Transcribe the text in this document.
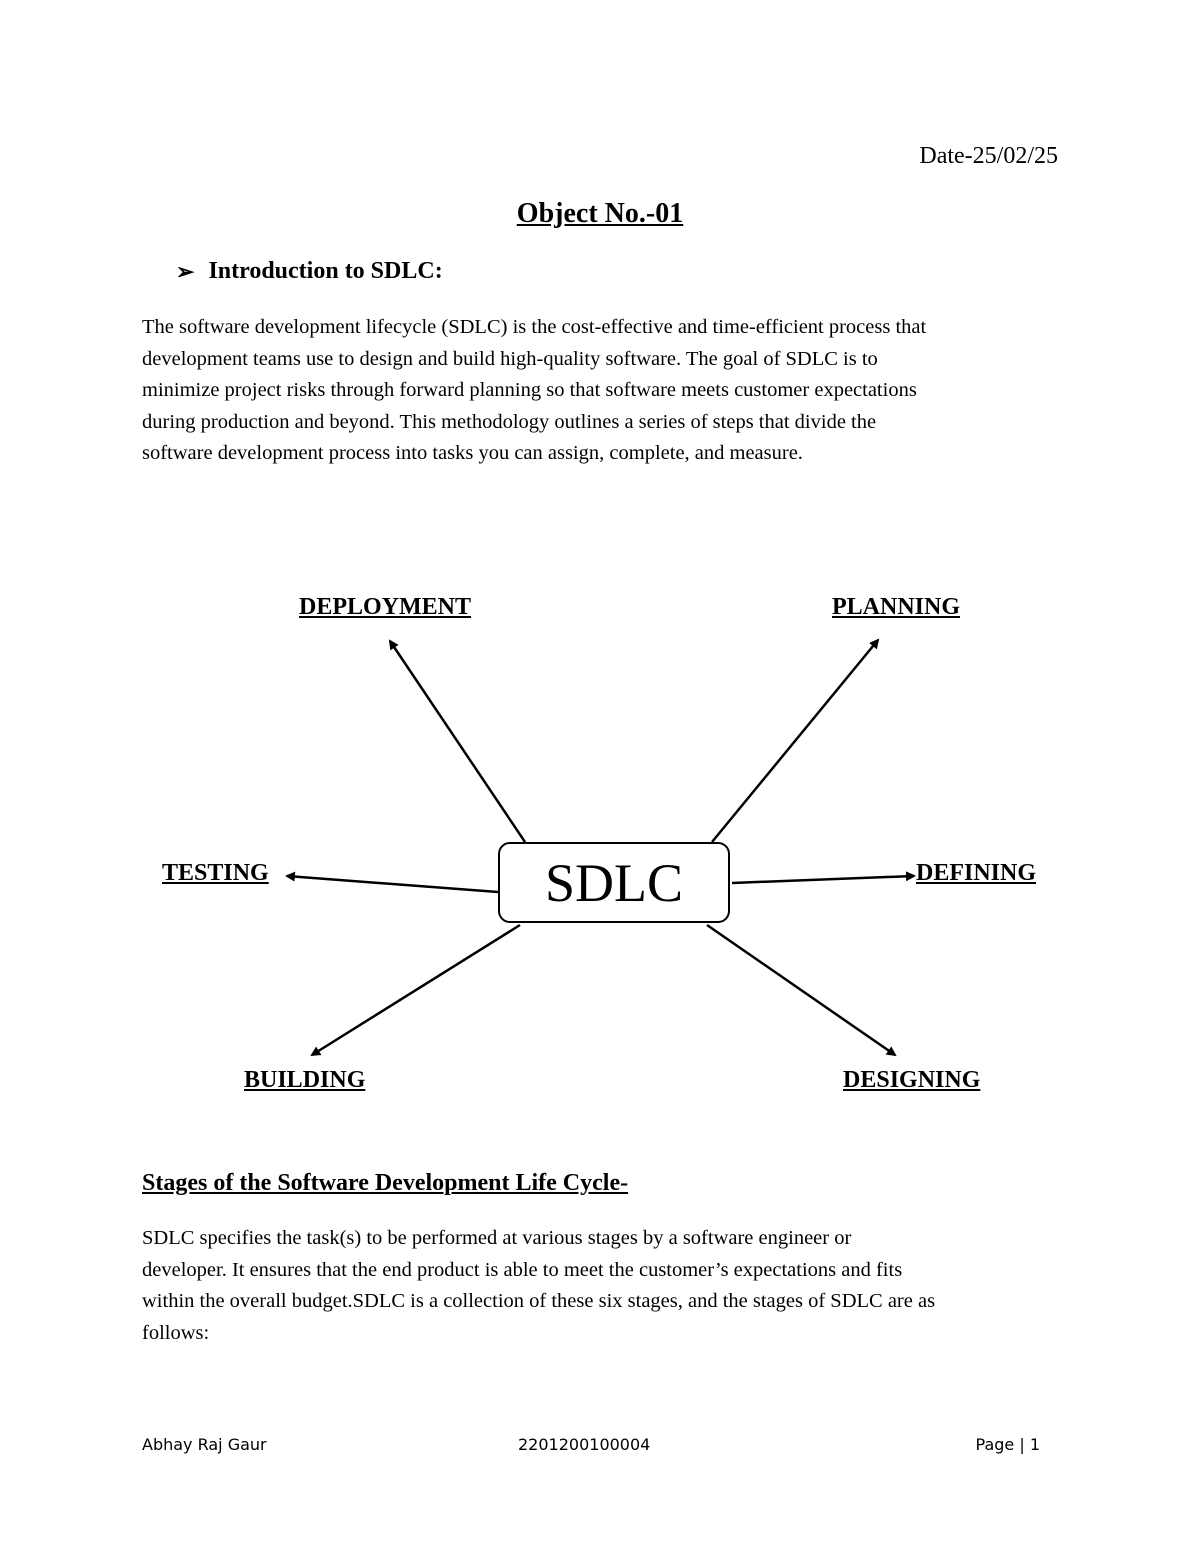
Date-25/02/25
Object No.-01
➢ Introduction to SDLC:
The software development lifecycle (SDLC) is the cost-effective and time-efficient process that
development teams use to design and build high-quality software. The goal of SDLC is to
minimize project risks through forward planning so that software meets customer expectations
during production and beyond. This methodology outlines a series of steps that divide the
software development process into tasks you can assign, complete, and measure.
SDLC
DEPLOYMENT	PLANNING
TESTING	DEFINING
BUILDING	DESIGNING
Stages of the Software Development Life Cycle-
SDLC specifies the task(s) to be performed at various stages by a software engineer or
developer. It ensures that the end product is able to meet the customer’s expectations and fits
within the overall budget.SDLC is a collection of these six stages, and the stages of SDLC are as
follows:
Abhay Raj Gaur	2201200100004	Page | 1
